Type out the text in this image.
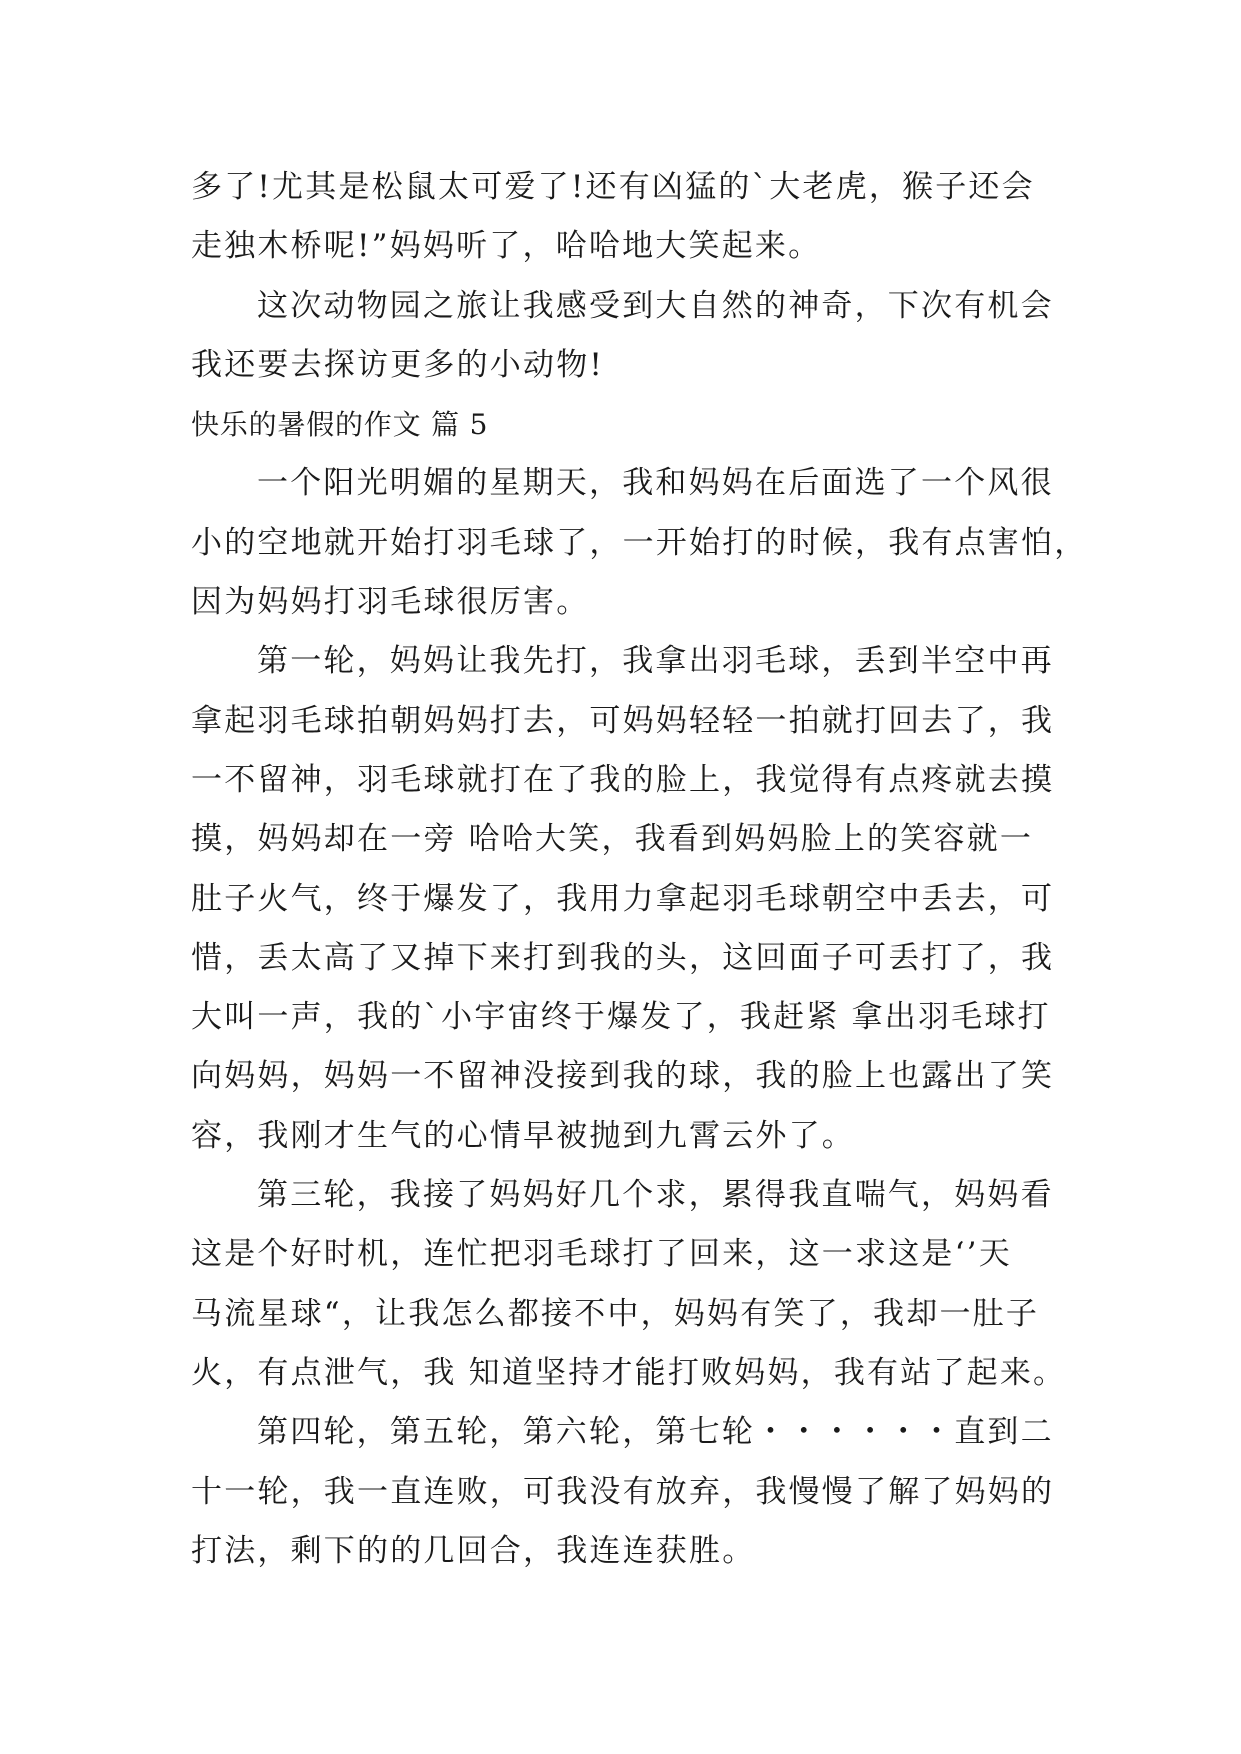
多了!尤其是松鼠太可爱了!还有凶猛的`大老虎，猴子还会
走独木桥呢!”妈妈听了，哈哈地大笑起来。
这次动物园之旅让我感受到大自然的神奇，下次有机会
我还要去探访更多的小动物!
快乐的暑假的作文 篇 5
一个阳光明媚的星期天，我和妈妈在后面选了一个风很
小的空地就开始打羽毛球了，一开始打的时候，我有点害怕，
因为妈妈打羽毛球很厉害。
第一轮，妈妈让我先打，我拿出羽毛球，丢到半空中再
拿起羽毛球拍朝妈妈打去，可妈妈轻轻一拍就打回去了，我
一不留神，羽毛球就打在了我的脸上，我觉得有点疼就去摸
摸，妈妈却在一旁 哈哈大笑，我看到妈妈脸上的笑容就一
肚子火气，终于爆发了，我用力拿起羽毛球朝空中丢去，可
惜，丢太高了又掉下来打到我的头，这回面子可丢打了，我
大叫一声，我的`小宇宙终于爆发了，我赶紧 拿出羽毛球打
向妈妈，妈妈一不留神没接到我的球，我的脸上也露出了笑
容，我刚才生气的心情早被抛到九霄云外了。
第三轮，我接了妈妈好几个求，累得我直喘气，妈妈看
这是个好时机，连忙把羽毛球打了回来，这一求这是‘’天
马流星球“，让我怎么都接不中，妈妈有笑了，我却一肚子
火，有点泄气，我 知道坚持才能打败妈妈，我有站了起来。
第四轮，第五轮，第六轮，第七轮・・・・・・直到二
十一轮，我一直连败，可我没有放弃，我慢慢了解了妈妈的
打法，剩下的的几回合，我连连获胜。
